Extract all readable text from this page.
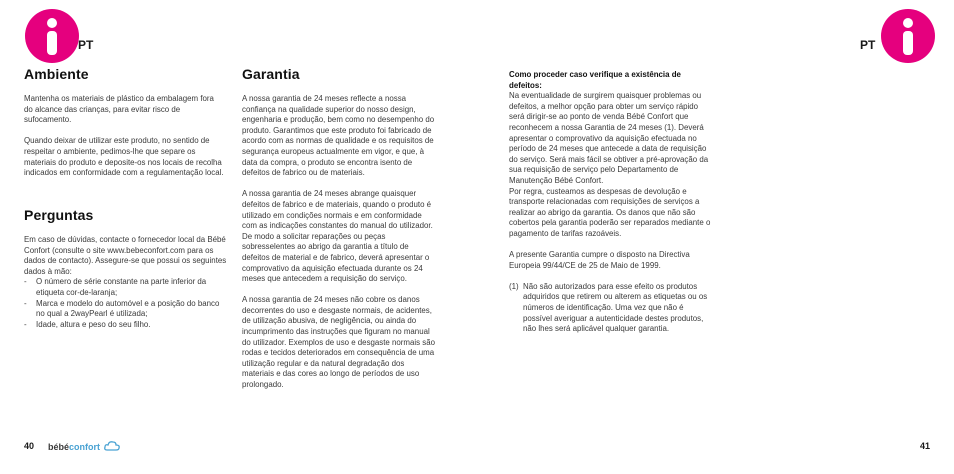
PT
Ambiente

Mantenha os materiais de plástico da embalagem fora do alcance das crianças, para evitar risco de sufocamento.

Quando deixar de utilizar este produto, no sentido de respeitar o ambiente, pedimos-lhe que separe os materiais do produto e deposite-os nos locais de recolha indicados em conformidade com a regulamentação local.

Perguntas

Em caso de dúvidas, contacte o fornecedor local da Bébé Confort (consulte o site www.bebeconfort.com para os dados de contacto). Assegure-se que possui os seguintes dados à mão:

- O número de série constante na parte inferior da etiqueta cor-de-laranja;
- Marca e modelo do automóvel e a posição do banco no qual a 2wayPearl é utilizada;
- Idade, altura e peso do seu filho.
Garantia

A nossa garantia de 24 meses reflecte a nossa confiança na qualidade superior do nosso design, engenharia e produção, bem como no desempenho do produto. Garantimos que este produto foi fabricado de acordo com as normas de qualidade e os requisitos de segurança europeus actualmente em vigor, e que, à data da compra, o produto se encontra isento de defeitos de fabrico ou de materiais.

A nossa garantia de 24 meses abrange quaisquer defeitos de fabrico e de materiais, quando o produto é utilizado em condições normais e em conformidade com as indicações constantes do manual do utilizador. De modo a solicitar reparações ou peças sobresselentes ao abrigo da garantia a título de defeitos de material e de fabrico, deverá apresentar o comprovativo da aquisição efectuada durante os 24 meses que antecedem a requisição do serviço.

A nossa garantia de 24 meses não cobre os danos decorrentes do uso e desgaste normais, de acidentes, de utilização abusiva, de negligência, ou ainda do incumprimento das instruções que figuram no manual do utilizador. Exemplos de uso e desgaste normais são rodas e tecidos deteriorados em consequência de uma utilização regular e da natural degradação dos materiais e das cores ao longo de períodos de uso prolongado.

40 bébéconfort
PT

Como proceder caso verifique a existência de defeitos:

Na eventualidade de surgirem quaisquer problemas ou defeitos, a melhor opção para obter um serviço rápido será dirigir-se ao ponto de venda Bébé Confort que reconhecem a nossa Garantia de 24 meses (1). Deverá apresentar o comprovativo da aquisição efectuada no período de 24 meses que antecede a data de requisição do serviço. Será mais fácil se obtiver a pré-aprovação da sua requisição de serviço pelo Departamento de Manutenção Bébé Confort.

Por regra, custeamos as despesas de devolução e transporte relacionadas com requisições de serviços a realizar ao abrigo da garantia. Os danos que não são cobertos pela garantia poderão ser reparados mediante o pagamento de tarifas razoáveis.

A presente Garantia cumpre o disposto na Directiva Europeia 99/44/CE de 25 de Maio de 1999.

(1) Não são autorizados para esse efeito os produtos adquiridos que retirem ou alterem as etiquetas ou os números de identificação. Uma vez que não é possível averiguar a autenticidade destes produtos, não lhes será aplicável qualquer garantia.

41
